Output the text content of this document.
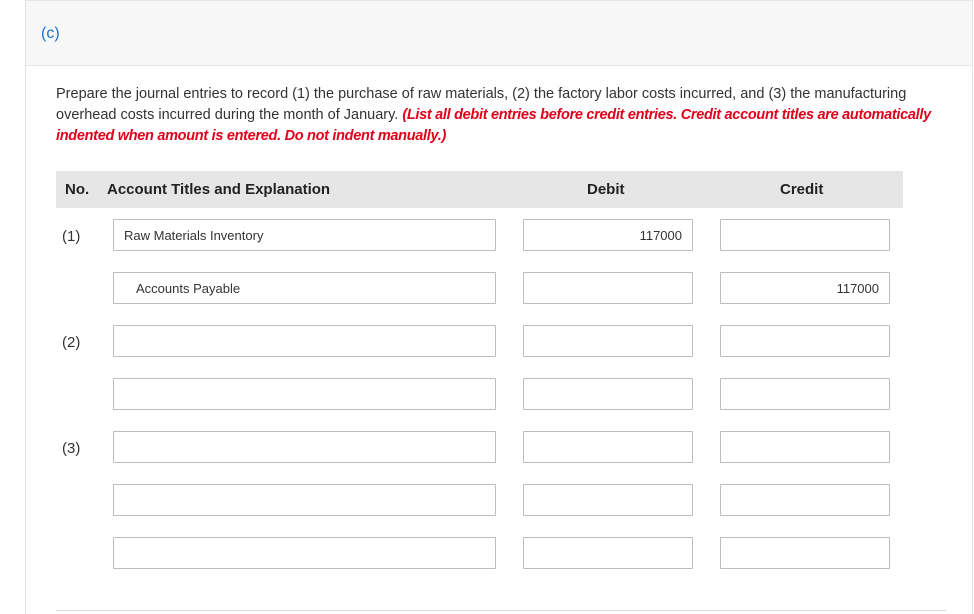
(c)
Prepare the journal entries to record (1) the purchase of raw materials, (2) the factory labor costs incurred, and (3) the manufacturing overhead costs incurred during the month of January. (List all debit entries before credit entries. Credit account titles are automatically indented when amount is entered. Do not indent manually.)
No. Account Titles and Explanation	Debit	Credit
(1)
(2)
(3)
Raw Materials Inventory
117000
Accounts Payable
117000
